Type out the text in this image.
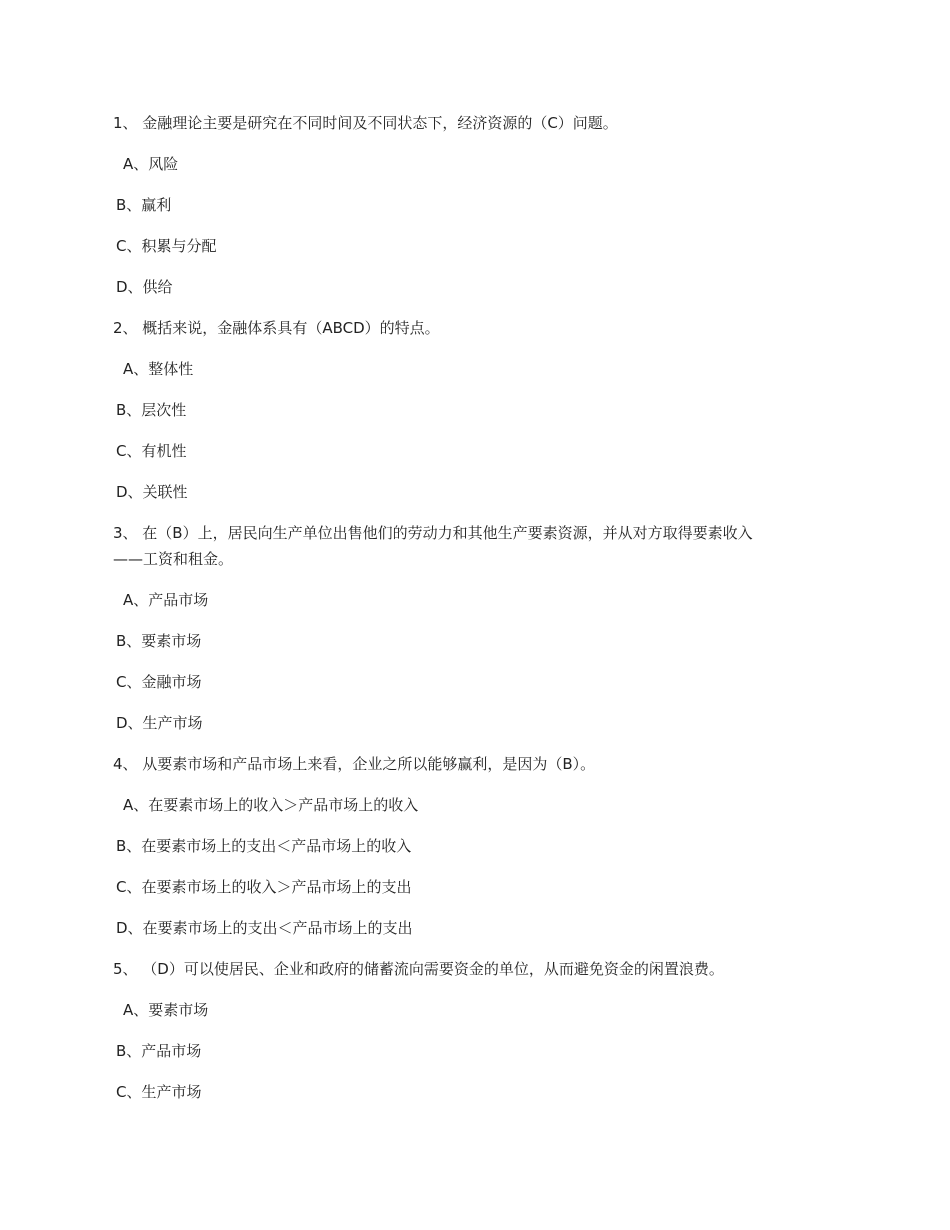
1、 金融理论主要是研究在不同时间及不同状态下，经济资源的（C）问题。
A、风险
B、赢利
C、积累与分配
D、供给
2、 概括来说，金融体系具有（ABCD）的特点。
A、整体性
B、层次性
C、有机性
D、关联性
3、 在（B）上，居民向生产单位出售他们的劳动力和其他生产要素资源，并从对方取得要素收入
——工资和租金。
A、产品市场
B、要素市场
C、金融市场
D、生产市场
4、 从要素市场和产品市场上来看，企业之所以能够赢利，是因为（B）。
A、在要素市场上的收入＞产品市场上的收入
B、在要素市场上的支出＜产品市场上的收入
C、在要素市场上的收入＞产品市场上的支出
D、在要素市场上的支出＜产品市场上的支出
5、 （D）可以使居民、企业和政府的储蓄流向需要资金的单位，从而避免资金的闲置浪费。
A、要素市场
B、产品市场
C、生产市场
